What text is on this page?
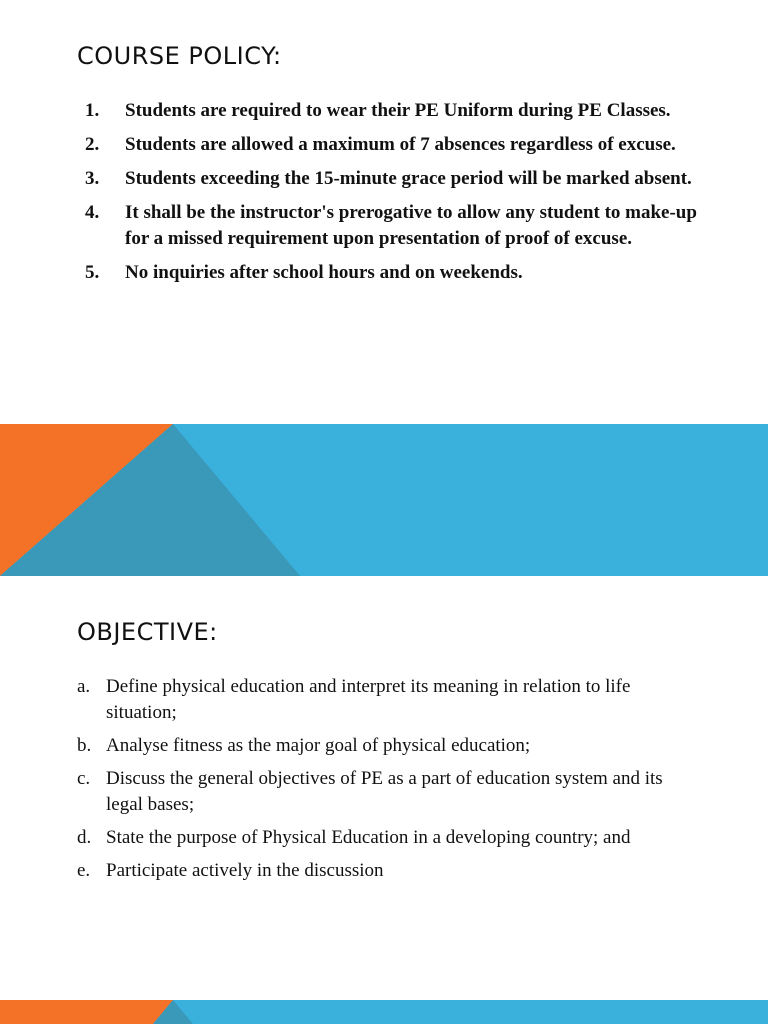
COURSE POLICY:
1. Students are required to wear their PE Uniform during PE Classes.
2. Students are allowed a maximum of 7 absences regardless of excuse.
3. Students exceeding the 15-minute grace period will be marked absent.
4. It shall be the instructor's prerogative to allow any student to make-up for a missed requirement upon presentation of proof of excuse.
5. No inquiries after school hours and on weekends.
OBJECTIVE:
a. Define physical education and interpret its meaning in relation to life situation;
b. Analyse fitness as the major goal of physical education;
c. Discuss the general objectives of PE as a part of education system and its legal bases;
d. State the purpose of Physical Education in a developing country; and
e. Participate actively in the discussion
